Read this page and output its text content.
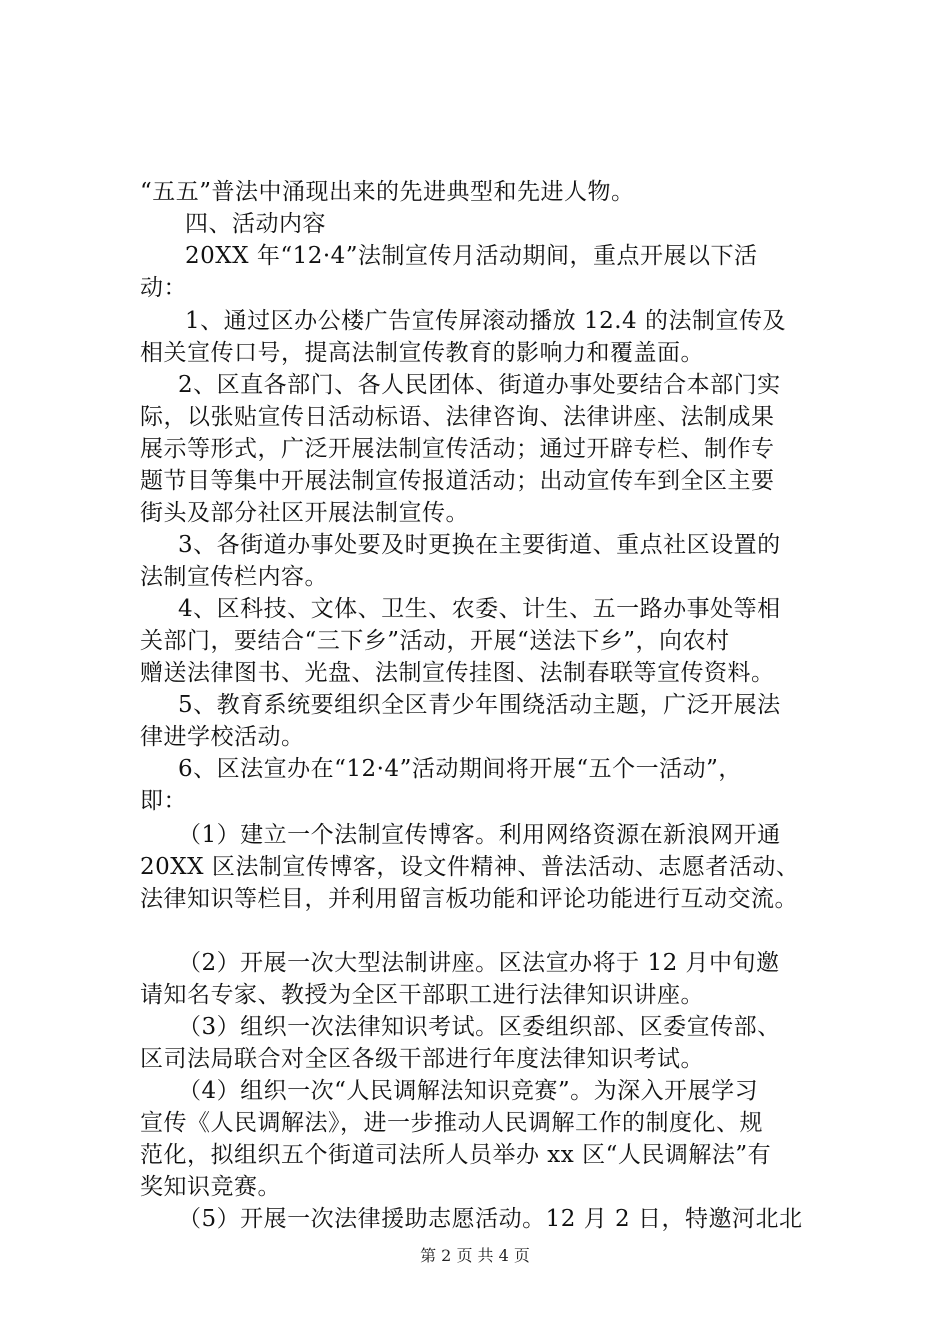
“五五”普法中涌现出来的先进典型和先进人物。
四、活动内容
20XX 年“12·4”法制宣传月活动期间，重点开展以下活
动：
1、通过区办公楼广告宣传屏滚动播放 12.4 的法制宣传及
相关宣传口号，提高法制宣传教育的影响力和覆盖面。
2、区直各部门、各人民团体、街道办事处要结合本部门实
际，以张贴宣传日活动标语、法律咨询、法律讲座、法制成果
展示等形式，广泛开展法制宣传活动；通过开辟专栏、制作专
题节目等集中开展法制宣传报道活动；出动宣传车到全区主要
街头及部分社区开展法制宣传。
3、各街道办事处要及时更换在主要街道、重点社区设置的
法制宣传栏内容。
4、区科技、文体、卫生、农委、计生、五一路办事处等相
关部门，要结合“三下乡”活动，开展“送法下乡”，向农村
赠送法律图书、光盘、法制宣传挂图、法制春联等宣传资料。
5、教育系统要组织全区青少年围绕活动主题，广泛开展法
律进学校活动。
6、区法宣办在“12·4”活动期间将开展“五个一活动”，
即：
（1）建立一个法制宣传博客。利用网络资源在新浪网开通
20XX 区法制宣传博客，设文件精神、普法活动、志愿者活动、
法律知识等栏目，并利用留言板功能和评论功能进行互动交流。
（2）开展一次大型法制讲座。区法宣办将于 12 月中旬邀
请知名专家、教授为全区干部职工进行法律知识讲座。
（3）组织一次法律知识考试。区委组织部、区委宣传部、
区司法局联合对全区各级干部进行年度法律知识考试。
（4）组织一次“人民调解法知识竞赛”。为深入开展学习
宣传《人民调解法》，进一步推动人民调解工作的制度化、规
范化，拟组织五个街道司法所人员举办 xx 区“人民调解法”有
奖知识竞赛。
（5）开展一次法律援助志愿活动。12 月 2 日，特邀河北北
第 2 页 共 4 页
